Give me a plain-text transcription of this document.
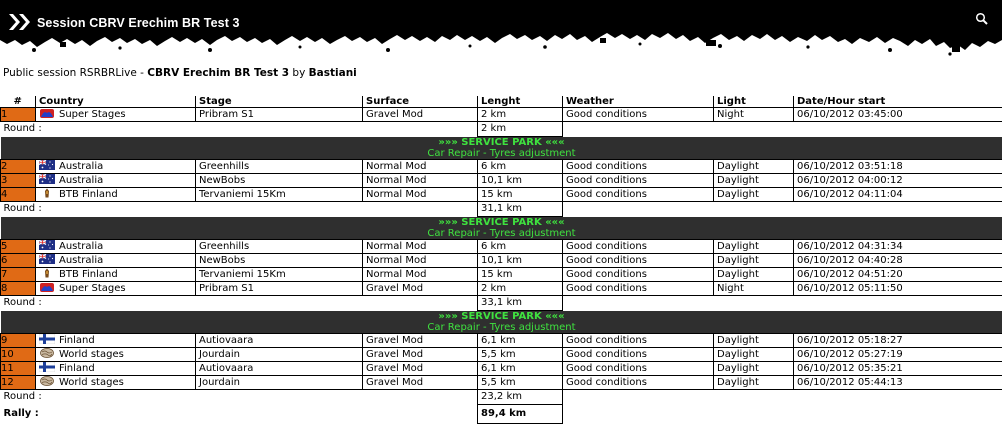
Session CBRV Erechim BR Test 3
Public session RSRBRLive - CBRV Erechim BR Test 3 by Bastiani
#	Country	Stage	Surface	Lenght	Weather	Light	Date/Hour start
1	Super Stages	Pribram S1	Gravel Mod	2 km	Good conditions	Night	06/10/2012 03:45:00
Round :				2 km			
»»» SERVICE PARK «««							
Car Repair - Tyres adjustment							
2	Australia	Greenhills	Normal Mod	6 km	Good conditions	Daylight	06/10/2012 03:51:18
3	Australia	NewBobs	Normal Mod	10,1 km	Good conditions	Daylight	06/10/2012 04:00:12
4	BTB Finland	Tervaniemi 15Km	Normal Mod	15 km	Good conditions	Daylight	06/10/2012 04:11:04
Round :				31,1 km			
»»» SERVICE PARK «««							
Car Repair - Tyres adjustment							
5	Australia	Greenhills	Normal Mod	6 km	Good conditions	Daylight	06/10/2012 04:31:34
6	Australia	NewBobs	Normal Mod	10,1 km	Good conditions	Daylight	06/10/2012 04:40:28
7	BTB Finland	Tervaniemi 15Km	Normal Mod	15 km	Good conditions	Daylight	06/10/2012 04:51:20
8	Super Stages	Pribram S1	Gravel Mod	2 km	Good conditions	Night	06/10/2012 05:11:50
Round :				33,1 km			
»»» SERVICE PARK «««							
Car Repair - Tyres adjustment							
9	Finland	Autiovaara	Gravel Mod	6,1 km	Good conditions	Daylight	06/10/2012 05:18:27
10	World stages	Jourdain	Gravel Mod	5,5 km	Good conditions	Daylight	06/10/2012 05:27:19
11	Finland	Autiovaara	Gravel Mod	6,1 km	Good conditions	Daylight	06/10/2012 05:35:21
12	World stages	Jourdain	Gravel Mod	5,5 km	Good conditions	Daylight	06/10/2012 05:44:13
Round :				23,2 km			
Rally :				89,4 km			
